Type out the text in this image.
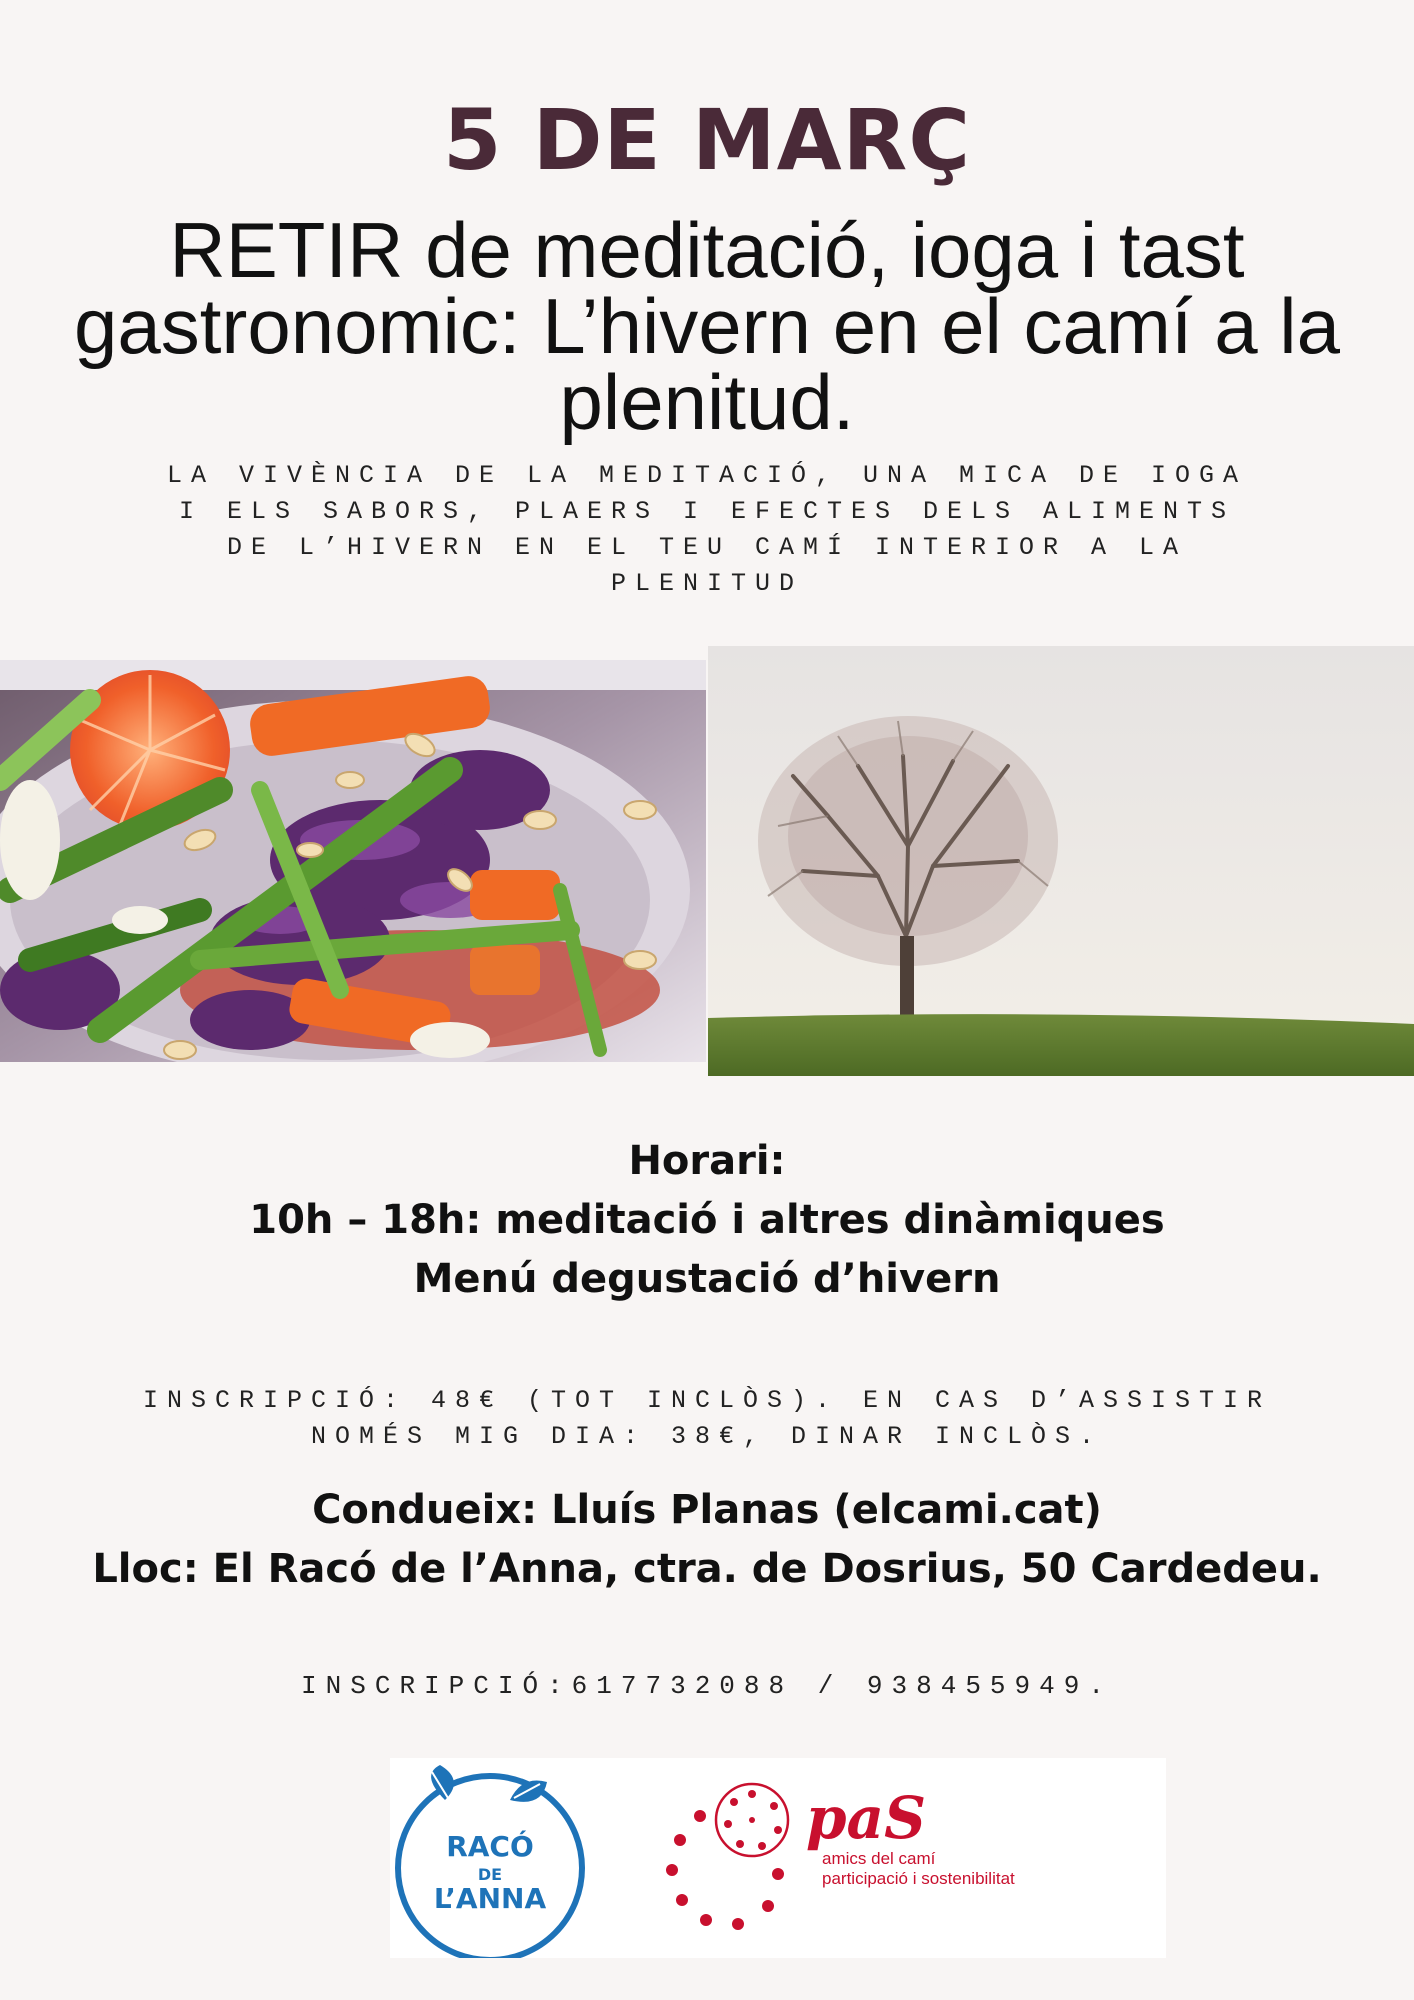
5 DE MARÇ
RETIR de meditació, ioga i tast gastronomic: L’hivern en el camí a la plenitud.
LA VIVÈNCIA DE LA MEDITACIÓ, UNA MICA DE IOGA I ELS SABORS, PLAERS I EFECTES DELS ALIMENTS DE L’HIVERN EN EL TEU CAMÍ INTERIOR A LA PLENITUD
Horari:
10h – 18h: meditació i altres dinàmiques
Menú degustació d’hivern
INSCRIPCIÓ: 48€ (TOT INCLÒS). EN CAS D’ASSISTIR NOMÉS MIG DIA: 38€, DINAR INCLÒS.
Condueix: Lluís Planas (elcami.cat)
Lloc: El Racó de l’Anna, ctra. de Dosrius, 50 Cardedeu.
INSCRIPCIÓ:617732088 / 938455949.
RACÓ
DE
L’ANNA
paS
amics del camí
participació i sostenibilitat
